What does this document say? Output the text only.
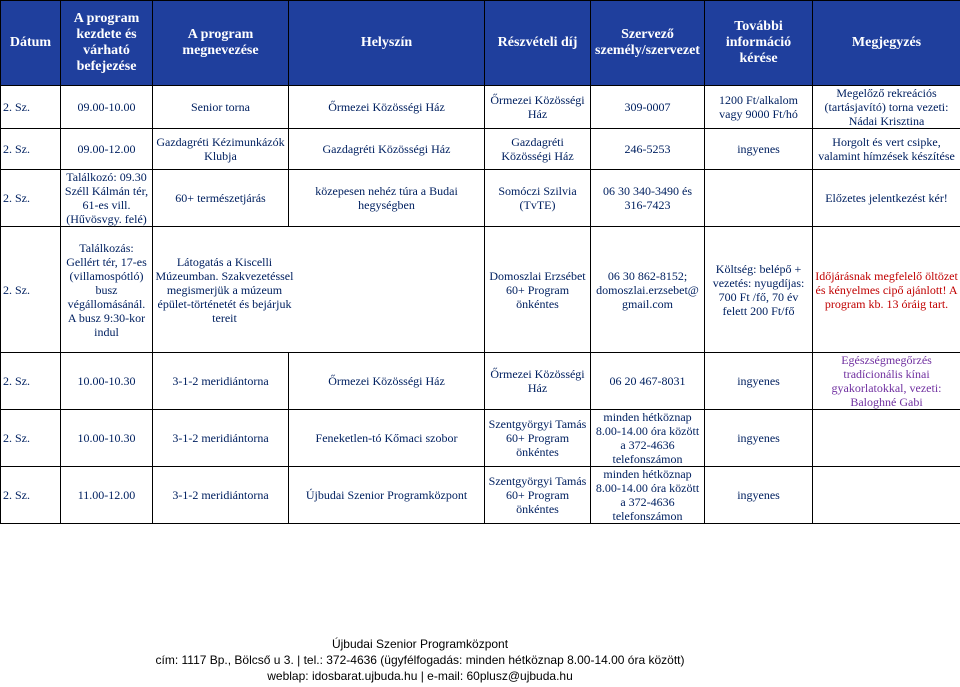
Dátum	A program kezdete és várható befejezése	A program megnevezése	Helyszín	Részvételi díj	Szervező személy/szervezet	További információ kérése	Megjegyzés
2. Sz.	09.00-10.00	Senior torna	Őrmezei Közösségi Ház	Őrmezei Közösségi Ház	309-0007	1200 Ft/alkalom vagy 9000 Ft/hó	Megelőző rekreációs (tartásjavító) torna vezeti: Nádai Krisztina
2. Sz.	09.00-12.00	Gazdagréti Kézimunkázók Klubja	Gazdagréti Közösségi Ház	Gazdagréti Közösségi Ház	246-5253	ingyenes	Horgolt és vert csipke, valamint hímzések készítése
2. Sz.	Találkozó: 09.30 Széll Kálmán tér, 61-es vill. (Hűvösvgy. felé)	60+ természetjárás	közepesen nehéz túra a Budai hegységben	Somóczi Szilvia (TvTE)	06 30 340-3490 és 316-7423		Előzetes jelentkezést kér!
2. Sz.	Találkozás: Gellért tér, 17-es (villamospótló) busz végállomásánál. A busz 9:30-kor indul	Látogatás a Kiscelli Múzeumban. Szakvezetéssel megismerjük a múzeum épület-történetét és bejárjuk tereit		Domoszlai Erzsébet 60+ Program önkéntes	06 30 862-8152; domoszlai.erzsebet@ gmail.com	Költség: belépő + vezetés: nyugdíjas: 700 Ft /fő, 70 év felett 200 Ft/fő	Időjárásnak megfelelő öltözet és kényelmes cipő ajánlott! A program kb. 13 óráig tart.
2. Sz.	10.00-10.30	3-1-2 meridiántorna	Őrmezei Közösségi Ház	Őrmezei Közösségi Ház	06 20 467-8031	ingyenes	Egészségmegőrzés tradícionális kínai gyakorlatokkal, vezeti: Baloghné Gabi
2. Sz.	10.00-10.30	3-1-2 meridiántorna	Feneketlen-tó Kőmaci szobor	Szentgyörgyi Tamás 60+ Program önkéntes	minden hétköznap 8.00-14.00 óra között a 372-4636 telefonszámon	ingyenes	
2. Sz.	11.00-12.00	3-1-2 meridiántorna	Újbudai Szenior Programközpont	Szentgyörgyi Tamás 60+ Program önkéntes	minden hétköznap 8.00-14.00 óra között a 372-4636 telefonszámon	ingyenes	
Újbudai Szenior Programközpont
cím: 1117 Bp., Bölcső u 3. | tel.: 372-4636 (ügyfélfogadás: minden hétköznap 8.00-14.00 óra között)
weblap: idosbarat.ujbuda.hu | e-mail: 60plusz@ujbuda.hu
